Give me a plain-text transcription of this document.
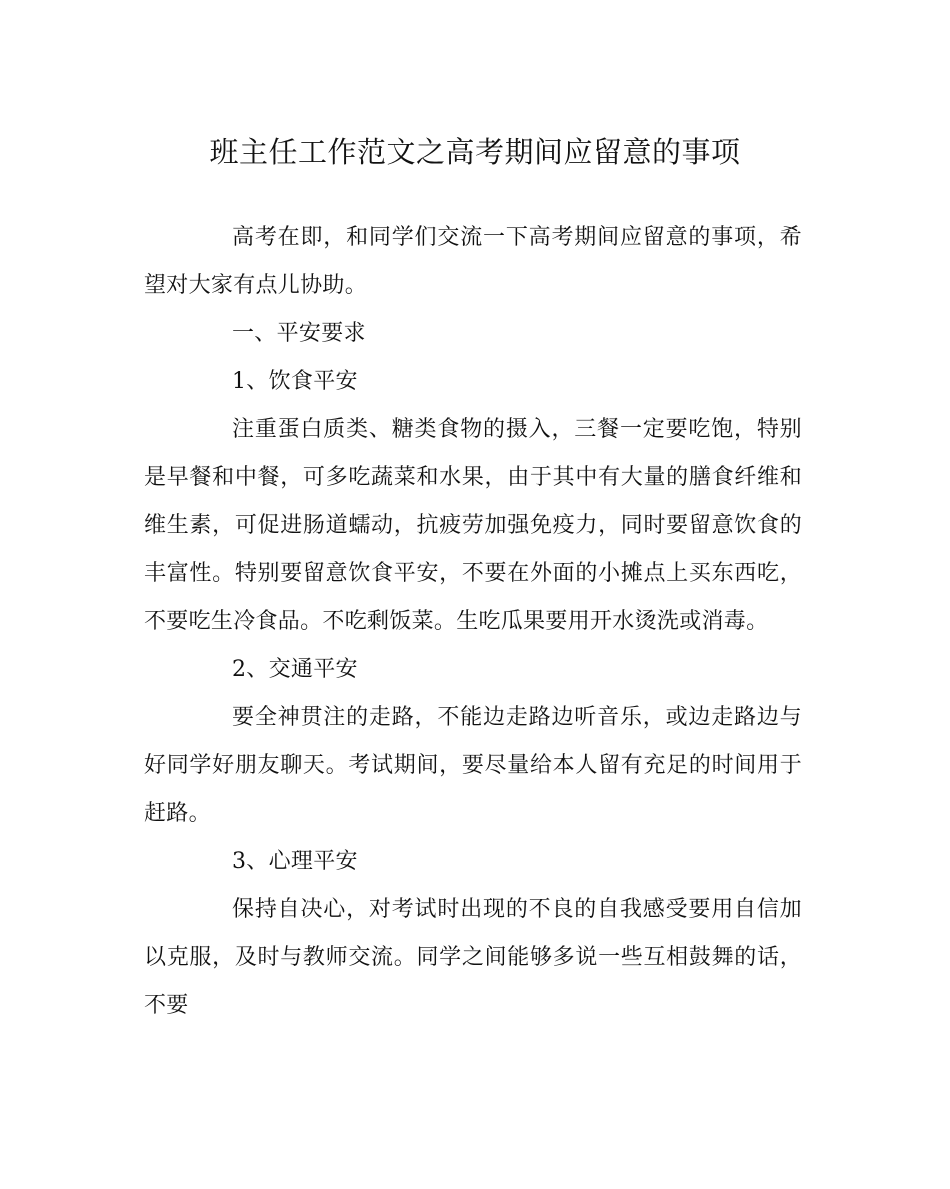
班主任工作范文之高考期间应留意的事项

高考在即，和同学们交流一下高考期间应留意的事项，希望对大家有点儿协助。

一、平安要求

1、饮食平安

注重蛋白质类、糖类食物的摄入，三餐一定要吃饱，特别是早餐和中餐，可多吃蔬菜和水果，由于其中有大量的膳食纤维和维生素，可促进肠道蠕动，抗疲劳加强免疫力，同时要留意饮食的丰富性。特别要留意饮食平安，不要在外面的小摊点上买东西吃，不要吃生冷食品。不吃剩饭菜。生吃瓜果要用开水烫洗或消毒。

2、交通平安

要全神贯注的走路，不能边走路边听音乐，或边走路边与好同学好朋友聊天。考试期间，要尽量给本人留有充足的时间用于赶路。

3、心理平安

保持自决心，对考试时出现的不良的自我感受要用自信加以克服，及时与教师交流。同学之间能够多说一些互相鼓舞的话，不要
